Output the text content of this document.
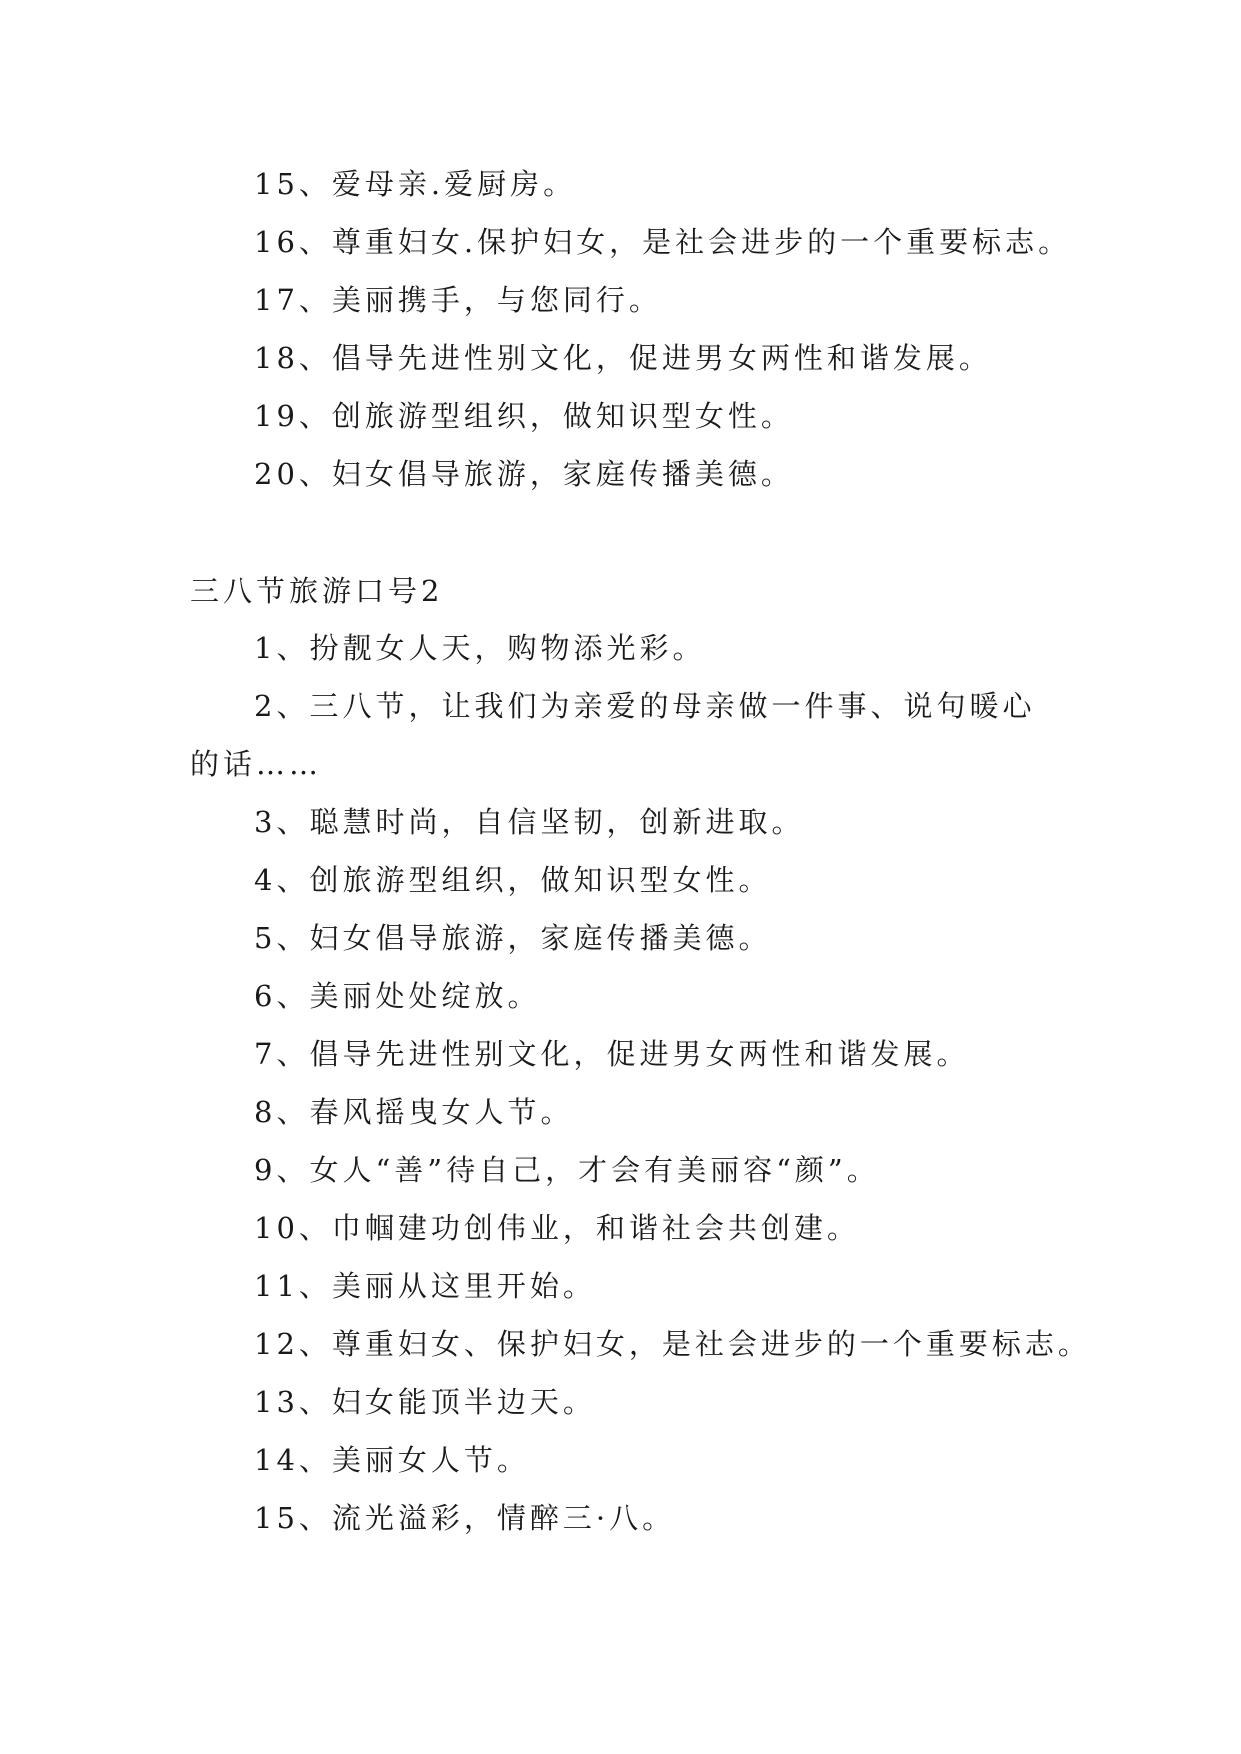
15、爱母亲.爱厨房。
16、尊重妇女.保护妇女，是社会进步的一个重要标志。
17、美丽携手，与您同行。
18、倡导先进性别文化，促进男女两性和谐发展。
19、创旅游型组织，做知识型女性。
20、妇女倡导旅游，家庭传播美德。
三八节旅游口号2
1、扮靓女人天，购物添光彩。
2、三八节，让我们为亲爱的母亲做一件事、说句暖心
的话……
3、聪慧时尚，自信坚韧，创新进取。
4、创旅游型组织，做知识型女性。
5、妇女倡导旅游，家庭传播美德。
6、美丽处处绽放。
7、倡导先进性别文化，促进男女两性和谐发展。
8、春风摇曳女人节。
9、女人“善”待自己，才会有美丽容“颜”。
10、巾帼建功创伟业，和谐社会共创建。
11、美丽从这里开始。
12、尊重妇女、保护妇女，是社会进步的一个重要标志。
13、妇女能顶半边天。
14、美丽女人节。
15、流光溢彩，情醉三·八。
